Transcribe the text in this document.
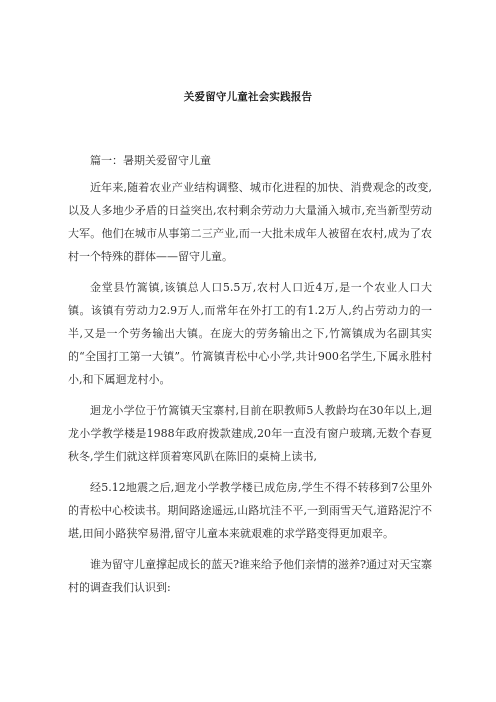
关爱留守儿童社会实践报告
篇一：暑期关爱留守儿童

近年来,随着农业产业结构调整、城市化进程的加快、消费观念的改变,以及人多地少矛盾的日益突出,农村剩余劳动力大量涌入城市,充当新型劳动大军。他们在城市从事第二三产业,而一大批未成年人被留在农村,成为了农村一个特殊的群体——留守儿童。

金堂县竹篙镇,该镇总人口5.5万,农村人口近4万,是一个农业人口大镇。该镇有劳动力2.9万人,而常年在外打工的有1.2万人,约占劳动力的一半,又是一个劳务输出大镇。在庞大的劳务输出之下,竹篙镇成为名副其实的“全国打工第一大镇”。竹篙镇青松中心小学,共计900名学生,下属永胜村小,和下属迴龙村小。

迴龙小学位于竹篙镇天宝寨村,目前在职教师5人教龄均在30年以上,迴龙小学教学楼是1988年政府拨款建成,20年一直没有窗户玻璃,无数个春夏秋冬,学生们就这样顶着寒风趴在陈旧的桌椅上读书,

经5.12地震之后,迴龙小学教学楼已成危房,学生不得不转移到7公里外的青松中心校读书。期间路途遥远,山路坑洼不平,一到雨雪天气,道路泥泞不堪,田间小路狭窄易滑,留守儿童本来就艰难的求学路变得更加艰辛。

谁为留守儿童撑起成长的蓝天?谁来给予他们亲情的滋养?通过对天宝寨村的调查我们认识到:
